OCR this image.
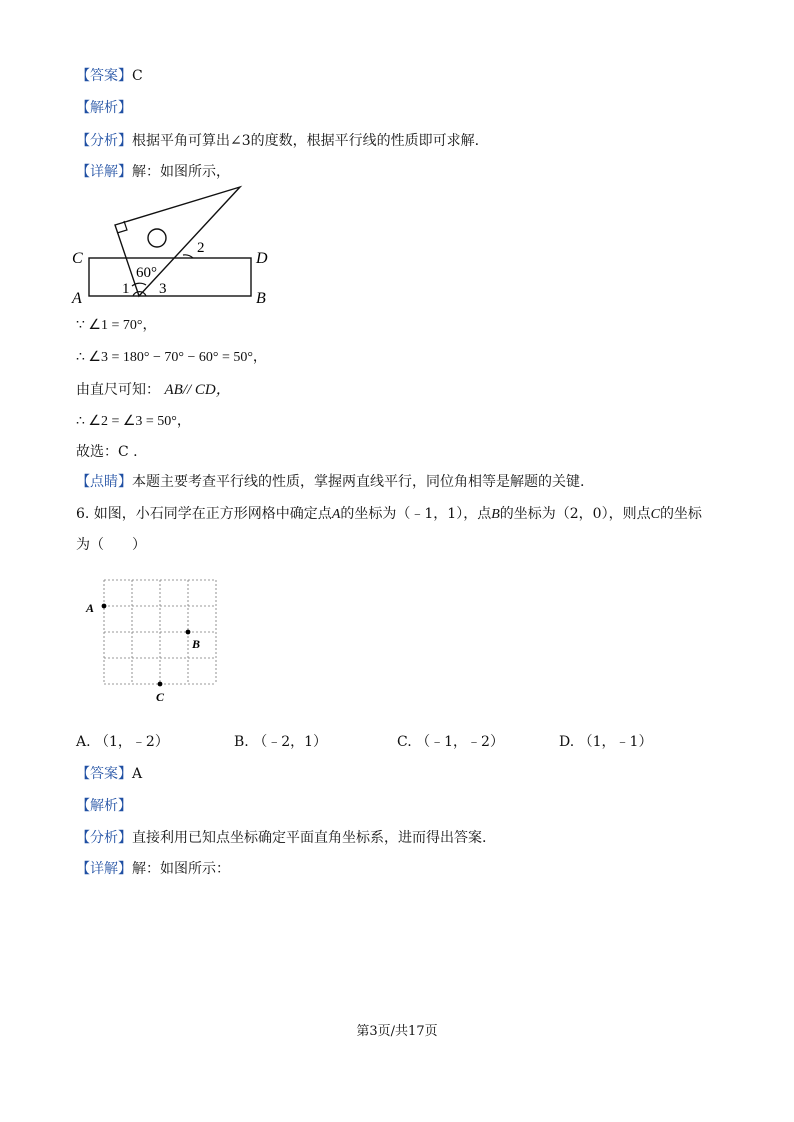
【答案】C
【解析】
【分析】根据平角可算出∠3的度数，根据平行线的性质即可求解.
【详解】解：如图所示，
C	D
A	B
60°
2
1 3
∵ ∠1 = 70°，
∴ ∠3 = 180° − 70° − 60° = 50°，
由直尺可知： AB// CD，
∴ ∠2 = ∠3 = 50°，
故选：C .
【点睛】本题主要考查平行线的性质，掌握两直线平行，同位角相等是解题的关键.
6. 如图，小石同学在正方形网格中确定点A的坐标为（﹣1，1），点B的坐标为（2，0），则点C的坐标
为（　　）
A
B
C
A. （1，﹣2）	B. （﹣2，1）	C. （﹣1，﹣2）	D. （1，﹣1）
【答案】A
【解析】
【分析】直接利用已知点坐标确定平面直角坐标系，进而得出答案.
【详解】解：如图所示：
第3页/共17页
